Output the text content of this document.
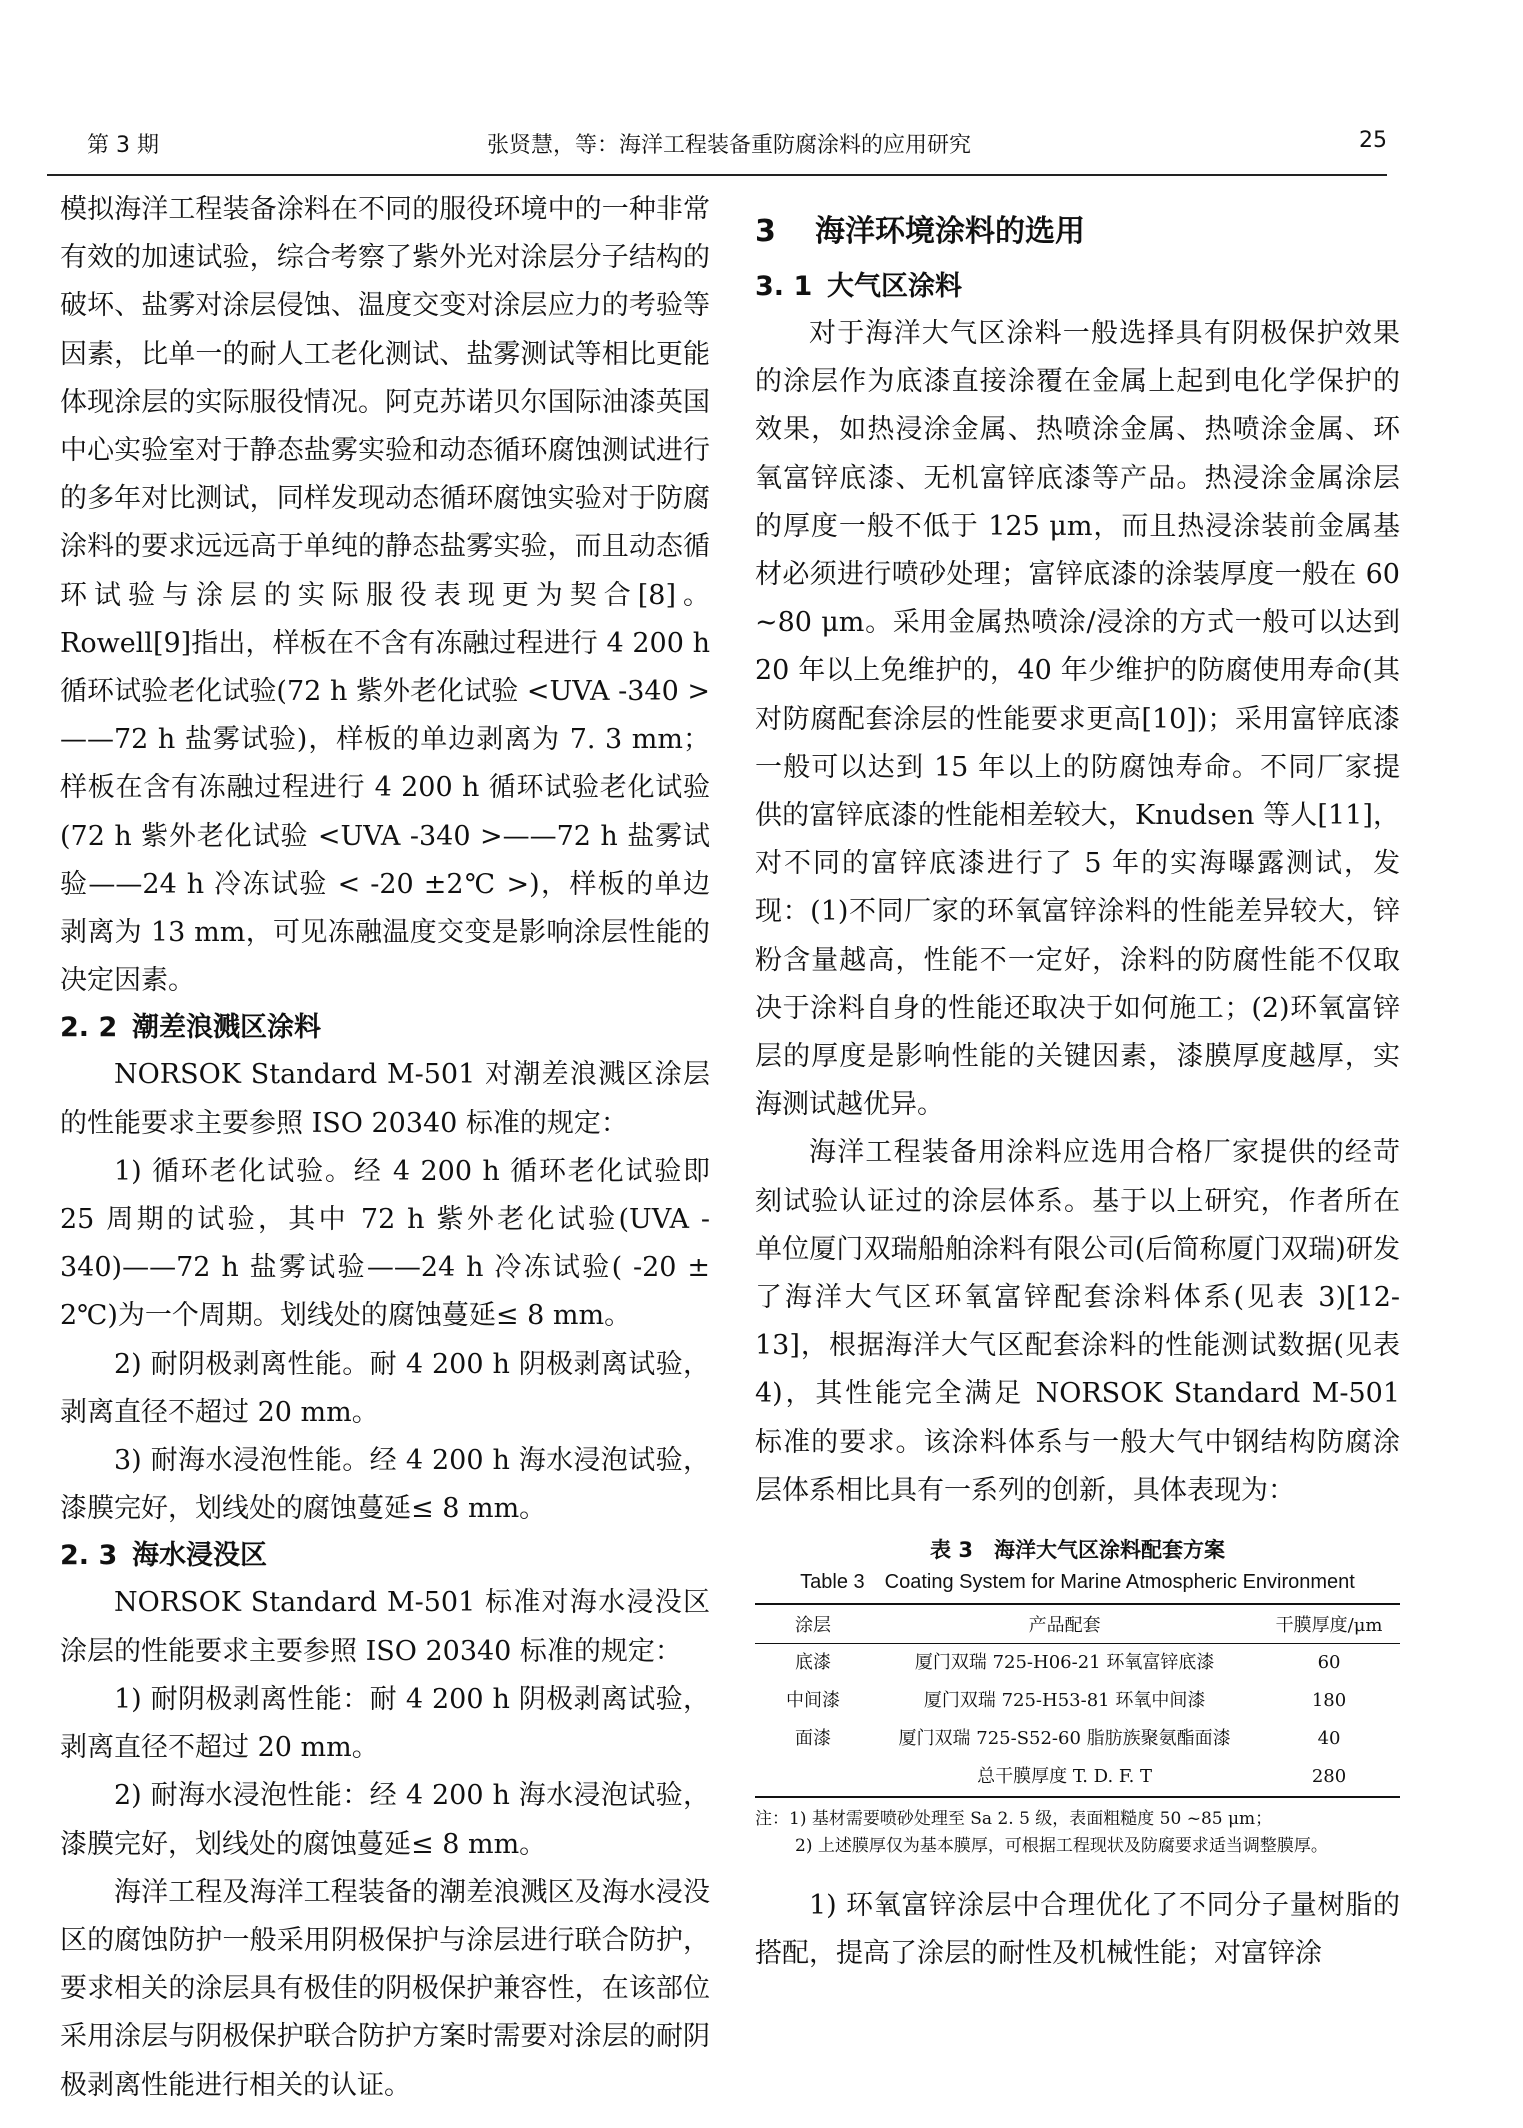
第 3 期	张贤慧，等：海洋工程装备重防腐涂料的应用研究	25

模拟海洋工程装备涂料在不同的服役环境中的一种非常有效的加速试验，综合考察了紫外光对涂层分子结构的破坏、盐雾对涂层侵蚀、温度交变对涂层应力的考验等因素，比单一的耐人工老化测试、盐雾测试等相比更能体现涂层的实际服役情况。阿克苏诺贝尔国际油漆英国中心实验室对于静态盐雾实验和动态循环腐蚀测试进行的多年对比测试，同样发现动态循环腐蚀实验对于防腐涂料的要求远远高于单纯的静态盐雾实验，而且动态循环试验与涂层的实际服役表现更为契合[8]。Rowell[9]指出，样板在不含有冻融过程进行 4 200 h 循环试验老化试验(72 h 紫外老化试验 <UVA -340 >——72 h 盐雾试验)，样板的单边剥离为 7. 3 mm；样板在含有冻融过程进行 4 200 h 循环试验老化试验(72 h 紫外老化试验 <UVA -340 >——72 h 盐雾试验——24 h 冷冻试验 < -20 ±2℃ >)，样板的单边剥离为 13 mm，可见冻融温度交变是影响涂层性能的决定因素。

2. 2 潮差浪溅区涂料

NORSOK Standard M-501 对潮差浪溅区涂层的性能要求主要参照 ISO 20340 标准的规定：

1) 循环老化试验。经 4 200 h 循环老化试验即 25 周期的试验，其中 72 h 紫外老化试验(UVA - 340)——72 h 盐雾试验——24 h 冷冻试验( -20 ± 2℃)为一个周期。划线处的腐蚀蔓延≤ 8 mm。

2) 耐阴极剥离性能。耐 4 200 h 阴极剥离试验，剥离直径不超过 20 mm。

3) 耐海水浸泡性能。经 4 200 h 海水浸泡试验，漆膜完好，划线处的腐蚀蔓延≤ 8 mm。

2. 3 海水浸没区

NORSOK Standard M-501 标准对海水浸没区涂层的性能要求主要参照 ISO 20340 标准的规定：

1) 耐阴极剥离性能：耐 4 200 h 阴极剥离试验，剥离直径不超过 20 mm。

2) 耐海水浸泡性能：经 4 200 h 海水浸泡试验，漆膜完好，划线处的腐蚀蔓延≤ 8 mm。

海洋工程及海洋工程装备的潮差浪溅区及海水浸没区的腐蚀防护一般采用阴极保护与涂层进行联合防护，要求相关的涂层具有极佳的阴极保护兼容性，在该部位采用涂层与阴极保护联合防护方案时需要对涂层的耐阴极剥离性能进行相关的认证。

3 海洋环境涂料的选用
3. 1 大气区涂料

对于海洋大气区涂料一般选择具有阴极保护效果的涂层作为底漆直接涂覆在金属上起到电化学保护的效果，如热浸涂金属、热喷涂金属、热喷涂金属、环氧富锌底漆、无机富锌底漆等产品。热浸涂金属涂层的厚度一般不低于 125 μm，而且热浸涂装前金属基材必须进行喷砂处理；富锌底漆的涂装厚度一般在 60 ~80 μm。采用金属热喷涂/浸涂的方式一般可以达到 20 年以上免维护的，40 年少维护的防腐使用寿命(其对防腐配套涂层的性能要求更高[10])；采用富锌底漆一般可以达到 15 年以上的防腐蚀寿命。不同厂家提供的富锌底漆的性能相差较大，Knudsen 等人[11]，对不同的富锌底漆进行了 5 年的实海曝露测试，发现：(1)不同厂家的环氧富锌涂料的性能差异较大，锌粉含量越高，性能不一定好，涂料的防腐性能不仅取决于涂料自身的性能还取决于如何施工；(2)环氧富锌层的厚度是影响性能的关键因素，漆膜厚度越厚，实海测试越优异。

海洋工程装备用涂料应选用合格厂家提供的经苛刻试验认证过的涂层体系。基于以上研究，作者所在单位厦门双瑞船舶涂料有限公司(后简称厦门双瑞)研发了海洋大气区环氧富锌配套涂料体系(见表 3)[12-13]，根据海洋大气区配套涂料的性能测试数据(见表 4)，其性能完全满足 NORSOK Standard M-501 标准的要求。该涂料体系与一般大气中钢结构防腐涂层体系相比具有一系列的创新，具体表现为：

表 3　海洋大气区涂料配套方案
Table 3　Coating System for Marine Atmospheric Environment
涂层	产品配套	干膜厚度/μm
底漆	厦门双瑞 725-H06-21 环氧富锌底漆	60
中间漆	厦门双瑞 725-H53-81 环氧中间漆	180
面漆	厦门双瑞 725-S52-60 脂肪族聚氨酯面漆	40
	总干膜厚度 T. D. F. T	280
注：1) 基材需要喷砂处理至 Sa 2. 5 级，表面粗糙度 50 ~85 μm；
2) 上述膜厚仅为基本膜厚，可根据工程现状及防腐要求适当调整膜厚。

1) 环氧富锌涂层中合理优化了不同分子量树脂的搭配，提高了涂层的耐性及机械性能；对富锌涂
